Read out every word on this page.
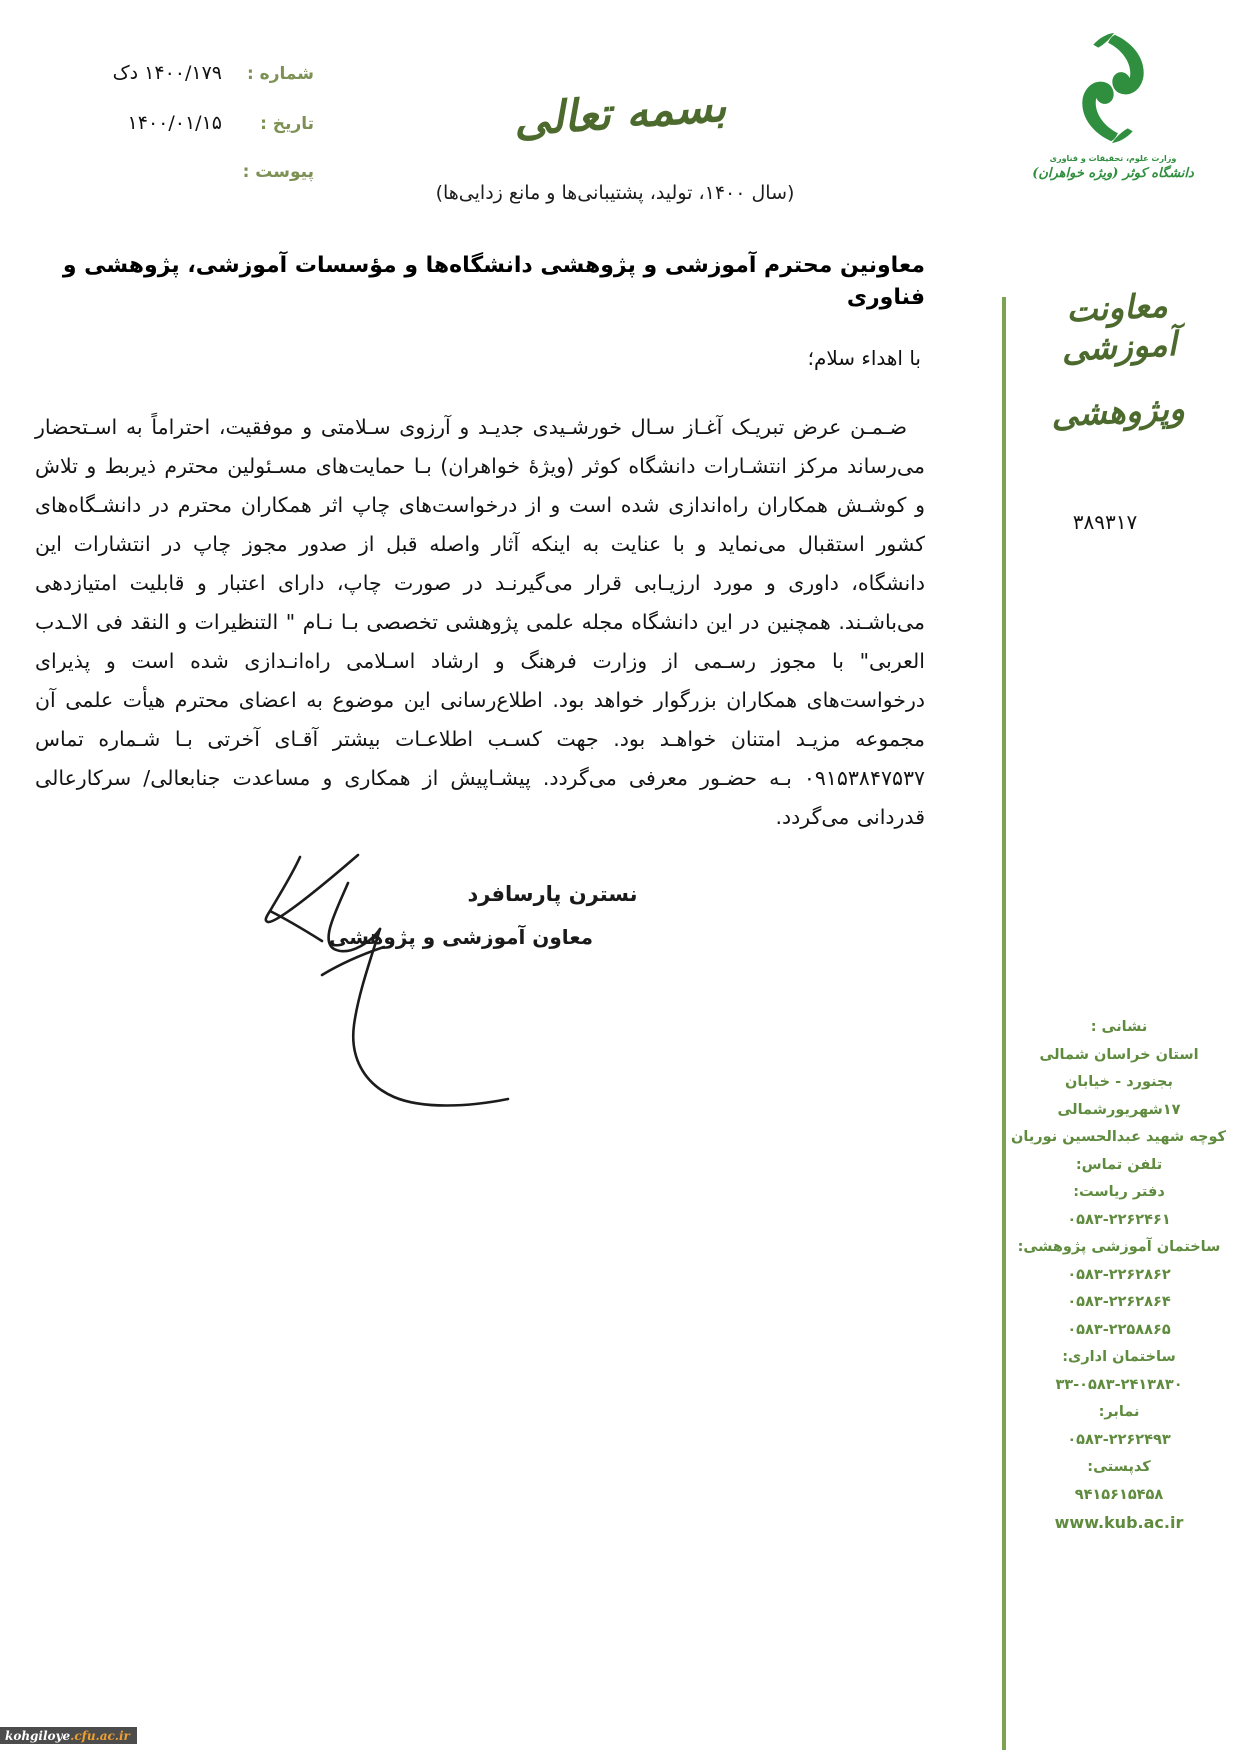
شماره :
۱۴۰۰/۱۷۹ دک
تاریخ :
۱۴۰۰/۰۱/۱۵
پیوست :
بسمه تعالی
(سال ۱۴۰۰، تولید، پشتیبانی‌ها و مانع زدایی‌ها)
وزارت علوم، تحقیقات و فناوری
دانشگاه کوثر (ویژه خواهران)
معاونت آموزشی
وپژوهشی
۳۸۹۳۱۷
نشانی :
استان خراسان شمالی
بجنورد - خیابان
۱۷شهریورشمالی
کوچه شهید عبدالحسین نوریان
تلفن تماس:
دفتر ریاست:
۰۵۸۳-۲۲۶۲۴۶۱
ساختمان آموزشی پژوهشی:
۰۵۸۳-۲۲۶۲۸۶۲
۰۵۸۳-۲۲۶۲۸۶۴
۰۵۸۳-۲۲۵۸۸۶۵
ساختمان اداری:
۳۳-۰۵۸۳-۲۴۱۳۸۳۰
نمابر:
۰۵۸۳-۲۲۶۲۴۹۳
کدپستی:
۹۴۱۵۶۱۵۴۵۸
www.kub.ac.ir
معاونین محترم آموزشی و پژوهشی دانشگاه‌ها و مؤسسات آموزشی، پژوهشی و فناوری
با اهداء سلام؛
ضـمـن عرض تبریـک آغـاز سـال خورشـیدی جدیـد و آرزوی سـلامتی و موفقیت، احتراماً به اسـتحضار می‌رساند مرکز انتشـارات دانشگاه کوثر (ویژهٔ خواهران) بـا حمایت‌های مسـئولین محترم ذیربط و تلاش و کوشـش همکاران راه‌اندازی شده است و از درخواست‌های چاپ اثر همکاران محترم در دانشـگاه‌های کشور استقبال می‌نماید و با عنایت به اینکه آثار واصله قبل از صدور مجوز چاپ در انتشارات این دانشگاه، داوری و مورد ارزیـابی قرار می‌گیرنـد در صورت چاپ، دارای اعتبار و قابلیت امتیازدهی می‌باشـند. همچنین در این دانشگاه مجله علمی پژوهشی تخصصی بـا نـام " التنظیرات و النقد فی الاـدب العربی" با مجوز رسـمی از وزارت فرهنگ و ارشاد اسـلامی راه‌انـدازی شده است و پذیرای درخواست‌های همکاران بزرگوار خواهد بود. اطلاع‌رسانی این موضوع به اعضای محترم هیأت علمی آن مجموعه مزیـد امتنان خواهـد بود. جهت کسـب اطلاعـات بیشتر آقـای آخرتی بـا شـماره تماس ۰۹۱۵۳۸۴۷۵۳۷ بـه حضـور معرفی می‌گردد. پیشـاپیش از همکاری و مساعدت جنابعالی/ سرکارعالی قدردانی می‌گردد.
نسترن پارسافرد
معاون آموزشی و پژوهشی
kohgiloye .cfu.ac.ir
